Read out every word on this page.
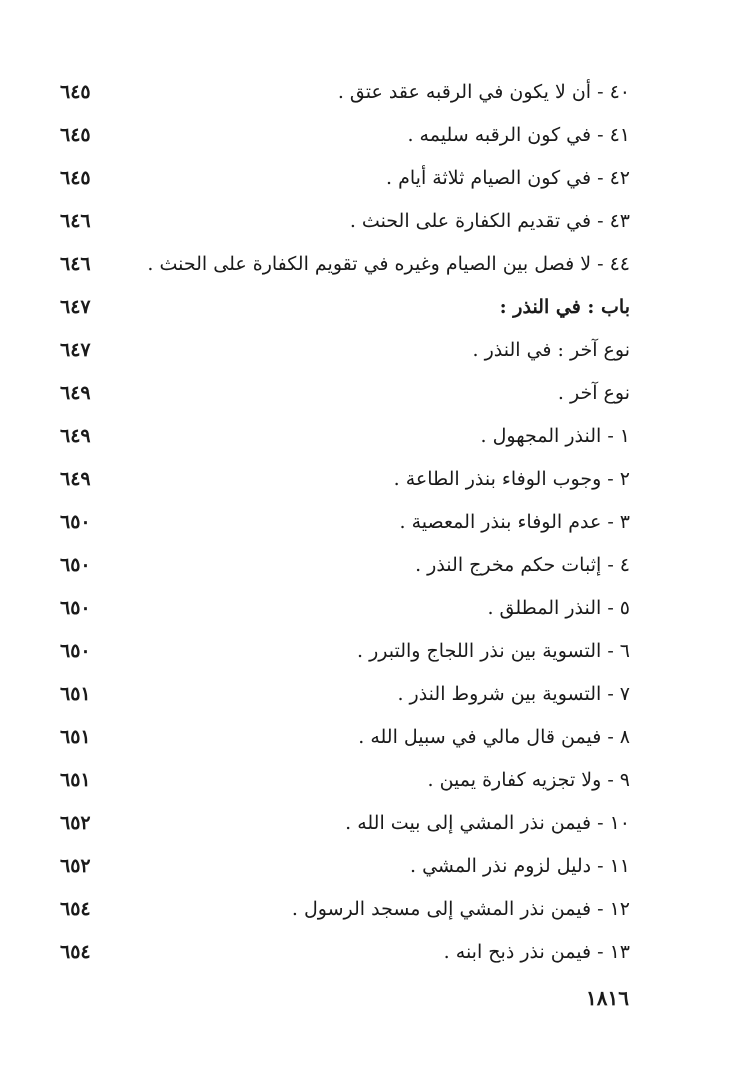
٤٠ - أن لا يكون في الرقبه عقد عتق .
٦٤٥
٤١ - في كون الرقبه سليمه .
٦٤٥
٤٢ - في كون الصيام ثلاثة أيام .
٦٤٥
٤٣ - في تقديم الكفارة على الحنث .
٦٤٦
٤٤ - لا فصل بين الصيام وغيره في تقويم الكفارة على الحنث .
٦٤٦
باب : في النذر :
٦٤٧
نوع آخر : في النذر .
٦٤٧
نوع آخر .
٦٤٩
١ - النذر المجهول .
٦٤٩
٢ - وجوب الوفاء بنذر الطاعة .
٦٤٩
٣ - عدم الوفاء بنذر المعصية .
٦٥٠
٤ - إثبات حكم مخرج النذر .
٦٥٠
٥ - النذر المطلق .
٦٥٠
٦ - التسوية بين نذر اللجاج والتبرر .
٦٥٠
٧ - التسوية بين شروط النذر .
٦٥١
٨ - فيمن قال مالي في سبيل الله .
٦٥١
٩ - ولا تجزيه كفارة يمين .
٦٥١
١٠ - فيمن نذر المشي إلى بيت الله .
٦٥٢
١١ - دليل لزوم نذر المشي .
٦٥٢
١٢ - فيمن نذر المشي إلى مسجد الرسول .
٦٥٤
١٣ - فيمن نذر ذبح ابنه .
٦٥٤
١٨١٦
